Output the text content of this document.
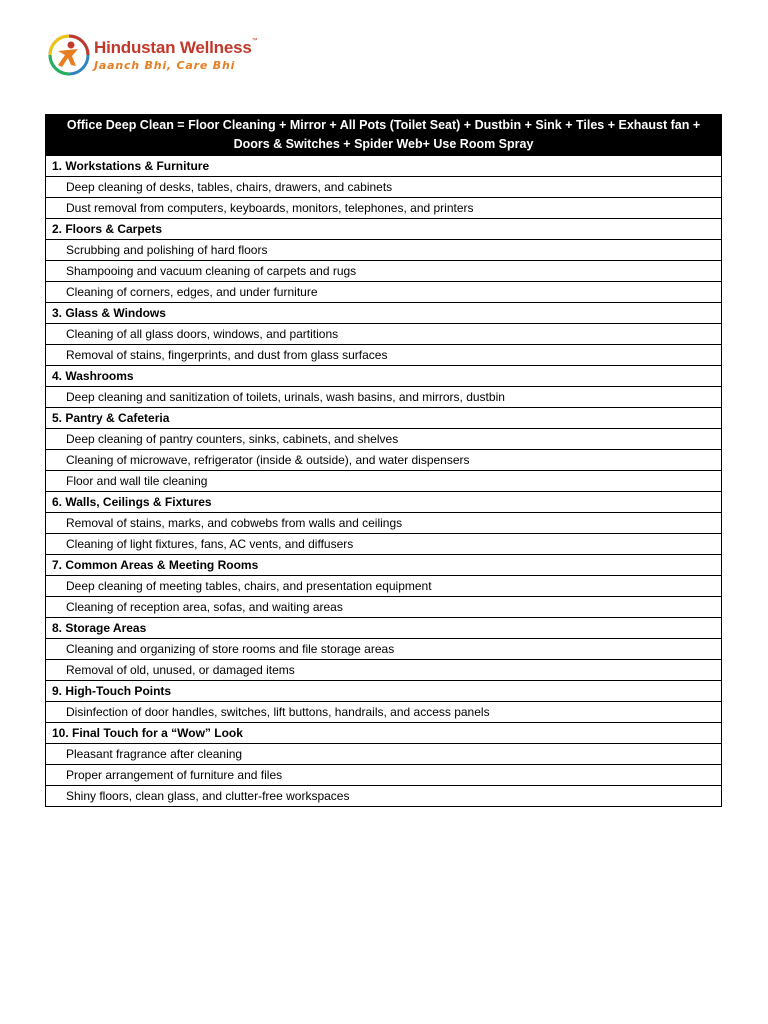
Hindustan Wellness™
Jaanch Bhi, Care Bhi
Office Deep Clean = Floor Cleaning + Mirror + All Pots (Toilet Seat) + Dustbin + Sink + Tiles + Exhaust fan + Doors & Switches + Spider Web+ Use Room Spray
1. Workstations & Furniture
Deep cleaning of desks, tables, chairs, drawers, and cabinets
Dust removal from computers, keyboards, monitors, telephones, and printers
2. Floors & Carpets
Scrubbing and polishing of hard floors
Shampooing and vacuum cleaning of carpets and rugs
Cleaning of corners, edges, and under furniture
3. Glass & Windows
Cleaning of all glass doors, windows, and partitions
Removal of stains, fingerprints, and dust from glass surfaces
4. Washrooms
Deep cleaning and sanitization of toilets, urinals, wash basins, and mirrors, dustbin
5. Pantry & Cafeteria
Deep cleaning of pantry counters, sinks, cabinets, and shelves
Cleaning of microwave, refrigerator (inside & outside), and water dispensers
Floor and wall tile cleaning
6. Walls, Ceilings & Fixtures
Removal of stains, marks, and cobwebs from walls and ceilings
Cleaning of light fixtures, fans, AC vents, and diffusers
7. Common Areas & Meeting Rooms
Deep cleaning of meeting tables, chairs, and presentation equipment
Cleaning of reception area, sofas, and waiting areas
8. Storage Areas
Cleaning and organizing of store rooms and file storage areas
Removal of old, unused, or damaged items
9. High-Touch Points
Disinfection of door handles, switches, lift buttons, handrails, and access panels
10. Final Touch for a “Wow” Look
Pleasant fragrance after cleaning
Proper arrangement of furniture and files
Shiny floors, clean glass, and clutter-free workspaces
